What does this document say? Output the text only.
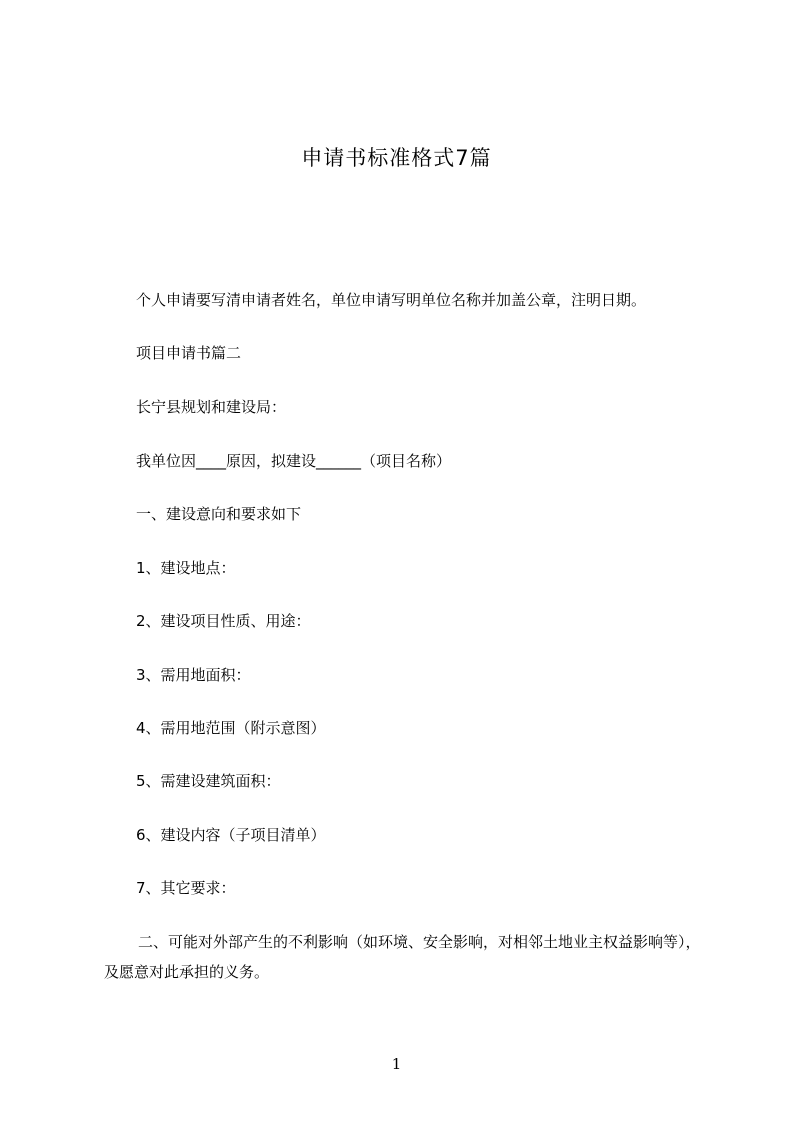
申请书标准格式7篇

个人申请要写清申请者姓名，单位申请写明单位名称并加盖公章，注明日期。

项目申请书篇二

长宁县规划和建设局：

我单位因____原因，拟建设______（项目名称）

一、建设意向和要求如下

1、建设地点：

2、建设项目性质、用途：

3、需用地面积：

4、需用地范围（附示意图）

5、需建设建筑面积：

6、建设内容（子项目清单）

7、其它要求：

二、可能对外部产生的不利影响（如环境、安全影响，对相邻土地业主权益影响等），及愿意对此承担的义务。

1
